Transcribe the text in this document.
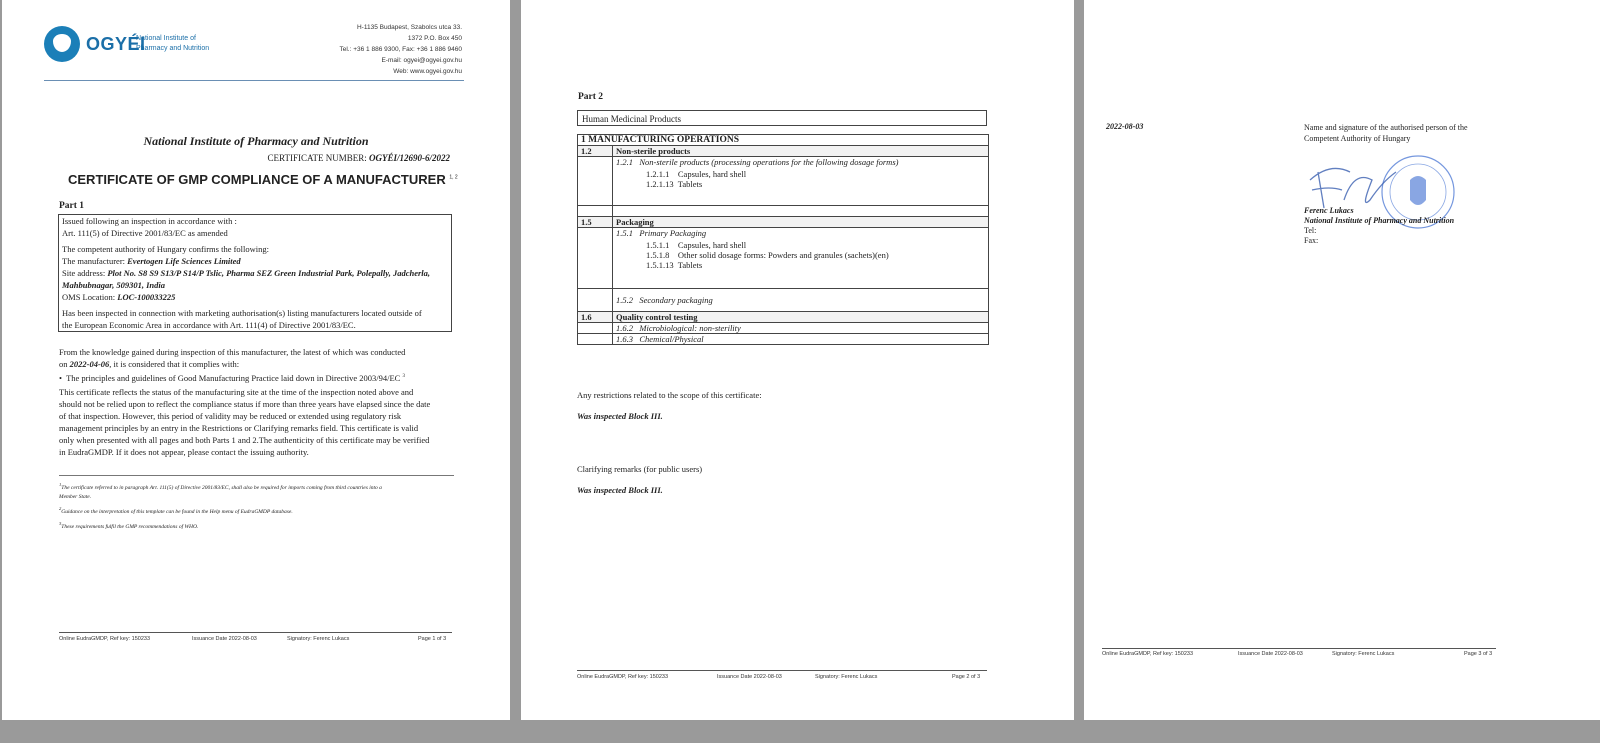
OGYÉI
National Institute of
Pharmacy and Nutrition
H-1135 Budapest, Szabolcs utca 33.
1372 P.O. Box 450
Tel.: +36 1 886 9300, Fax: +36 1 886 9460
E-mail: ogyei@ogyei.gov.hu
Web: www.ogyei.gov.hu
National Institute of Pharmacy and Nutrition
CERTIFICATE NUMBER: OGYÉI/12690-6/2022
CERTIFICATE OF GMP COMPLIANCE OF A MANUFACTURER $^{1, 2}$
Part 1
Issued following an inspection in accordance with :
Art. 111(5) of Directive 2001/83/EC as amended
The competent authority of Hungary confirms the following:
The manufacturer: Evertogen Life Sciences Limited
Site address: Plot No. S8 S9 S13/P S14/P Tslic, Pharma SEZ Green Industrial Park, Polepally, Jadcherla,
Mahbubnagar, 509301, India
OMS Location: LOC-100033225
Has been inspected in connection with marketing authorisation(s) listing manufacturers located outside of
the European Economic Area in accordance with Art. 111(4) of Directive 2001/83/EC.
From the knowledge gained during inspection of this manufacturer, the latest of which was conducted
on 2022-04-06, it is considered that it complies with:
•  The principles and guidelines of Good Manufacturing Practice laid down in Directive 2003/94/EC $^3$
This certificate reflects the status of the manufacturing site at the time of the inspection noted above and
should not be relied upon to reflect the compliance status if more than three years have elapsed since the date
of that inspection. However, this period of validity may be reduced or extended using regulatory risk
management principles by an entry in the Restrictions or Clarifying remarks field. This certificate is valid
only when presented with all pages and both Parts 1 and 2.The authenticity of this certificate may be verified
in EudraGMDP. If it does not appear, please contact the issuing authority.
$^1$The certificate referred to in paragraph Art. 111(5) of Directive 2001/83/EC, shall also be required for imports coming from third countries into a
Member State.
$^2$Guidance on the interpretation of this template can be found in the Help menu of EudraGMDP database.
$^3$These requirements fulfil the GMP recommendations of WHO.
Online EudraGMDP, Ref key: 150233	Issuance Date 2022-08-03	Signatory: Ferenc Lukacs	Page 1 of 3
Part 2
Human Medicinal Products
1 MANUFACTURING OPERATIONS	
1.2	Non-sterile products

	1.2.1 Non-sterile products (processing operations for the following dosage forms)
1.2.1.1    Capsules, hard shell
1.2.1.13  Tablets

1.5	Packaging

	1.5.1 Primary Packaging
1.5.1.1    Capsules, hard shell
1.5.1.8    Other solid dosage forms: Powders and granules (sachets)(en)
1.5.1.13  Tablets

	1.5.2 Secondary packaging
1.6	Quality control testing
	1.6.2 Microbiological: non-sterility
	1.6.3 Chemical/Physical
Any restrictions related to the scope of this certificate:
Was inspected Block III.
Clarifying remarks (for public users)
Was inspected Block III.
Online EudraGMDP, Ref key: 150233	Issuance Date 2022-08-03	Signatory: Ferenc Lukacs	Page 2 of 3
2022-08-03	Name and signature of the authorised person of the
Competent Authority of Hungary
Ferenc Lukacs
National Institute of Pharmacy and Nutrition
Tel:
Fax:
Online EudraGMDP, Ref key: 150233	Issuance Date 2022-08-03	Signatory: Ferenc Lukacs	Page 3 of 3
